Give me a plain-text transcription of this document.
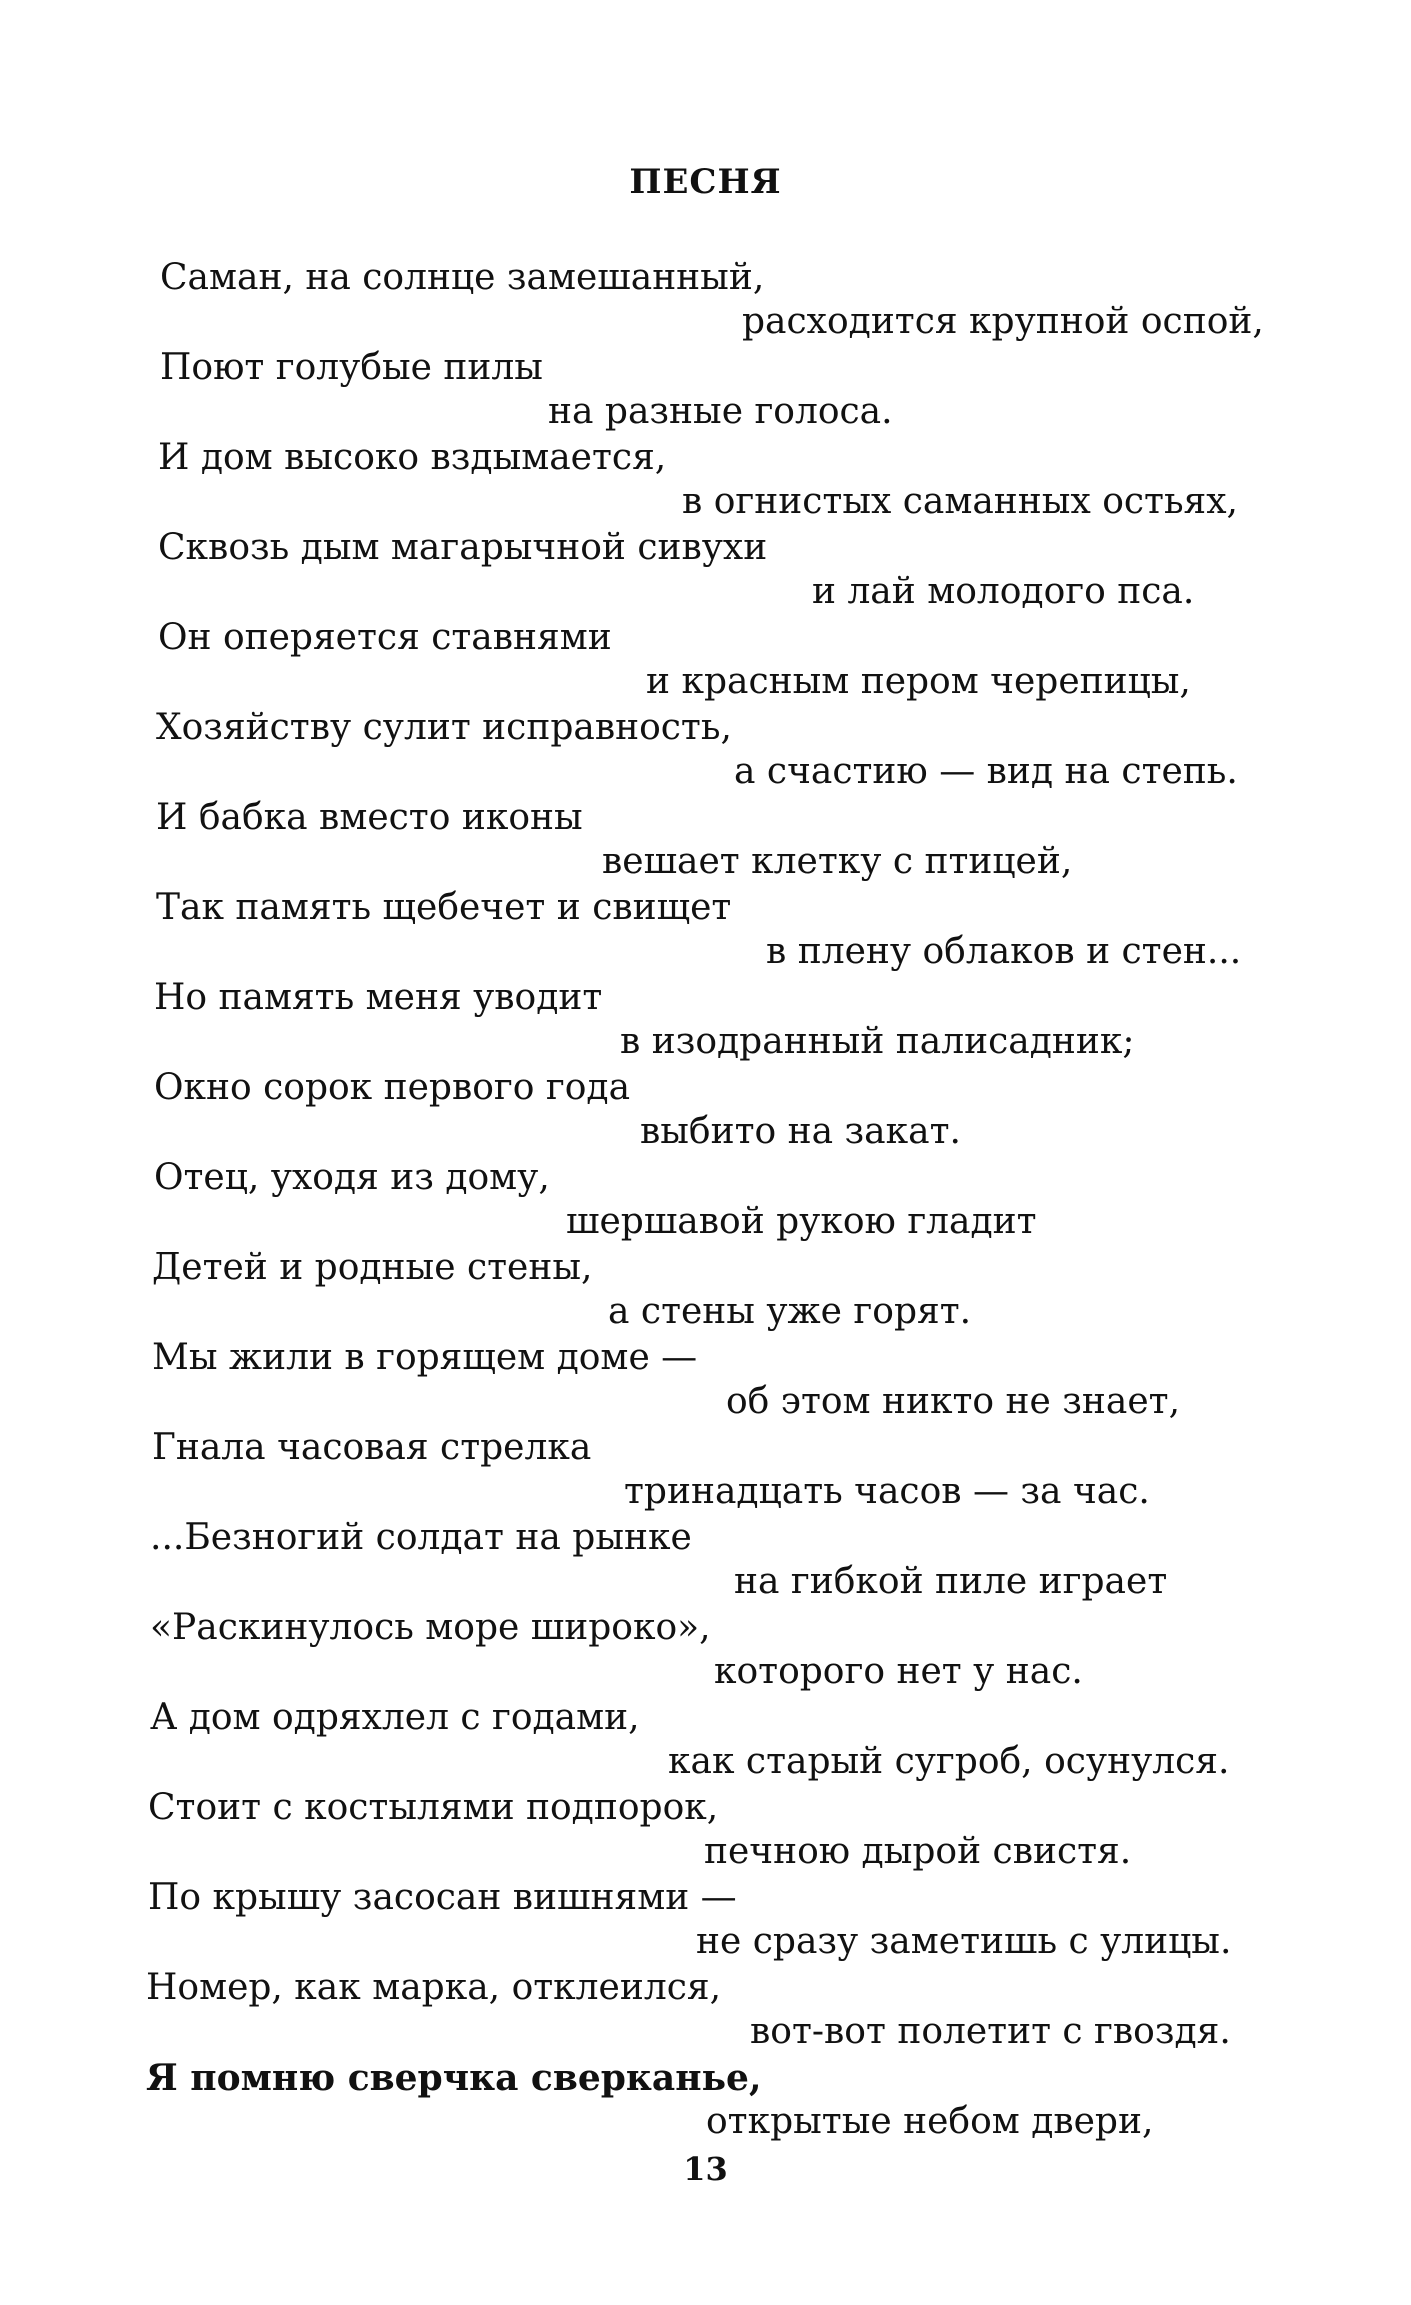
ПЕСНЯ
Саман, на солнце замешанный,
расходится крупной оспой,
Поют голубые пилы
на разные голоса.
И дом высоко вздымается,
в огнистых саманных остьях,
Сквозь дым магарычной сивухи
и лай молодого пса.
Он оперяется ставнями
и красным пером черепицы,
Хозяйству сулит исправность,
а счастию — вид на степь.
И бабка вместо иконы
вешает клетку с птицей,
Так память щебечет и свищет
в плену облаков и стен...
Но память меня уводит
в изодранный палисадник;
Окно сорок первого года
выбито на закат.
Отец, уходя из дому,
шершавой рукою гладит
Детей и родные стены,
а стены уже горят.
Мы жили в горящем доме —
об этом никто не знает,
Гнала часовая стрелка
тринадцать часов — за час.
...Безногий солдат на рынке
на гибкой пиле играет
«Раскинулось море широко»,
которого нет у нас.
А дом одряхлел с годами,
как старый сугроб, осунулся.
Стоит с костылями подпорок,
печною дырой свистя.
По крышу засосан вишнями —
не сразу заметишь с улицы.
Номер, как марка, отклеился,
вот-вот полетит с гвоздя.
Я помню сверчка сверканье,
открытые небом двери,
13
